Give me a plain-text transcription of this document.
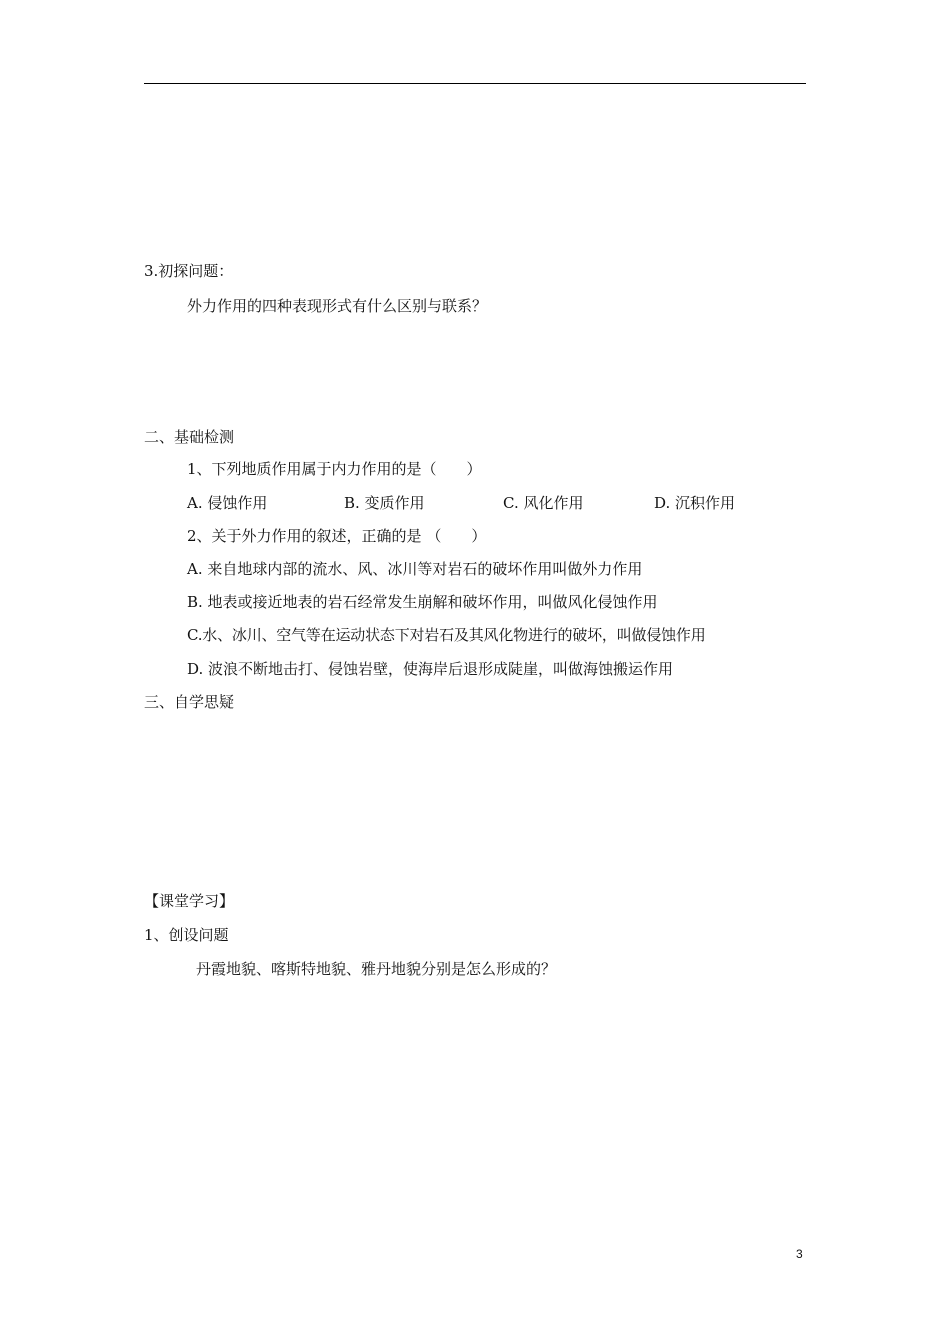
3.初探问题：
外力作用的四种表现形式有什么区别与联系？
二、基础检测
1、下列地质作用属于内力作用的是（　　）
A. 侵蚀作用	B. 变质作用	C. 风化作用	D. 沉积作用
2、关于外力作用的叙述，正确的是 （　　）
A. 来自地球内部的流水、风、冰川等对岩石的破坏作用叫做外力作用
B. 地表或接近地表的岩石经常发生崩解和破坏作用，叫做风化侵蚀作用
C.水、冰川、空气等在运动状态下对岩石及其风化物进行的破坏，叫做侵蚀作用
D. 波浪不断地击打、侵蚀岩壁，使海岸后退形成陡崖，叫做海蚀搬运作用
三、自学思疑
【课堂学习】
1、创设问题
丹霞地貌、喀斯特地貌、雅丹地貌分别是怎么形成的？
3
